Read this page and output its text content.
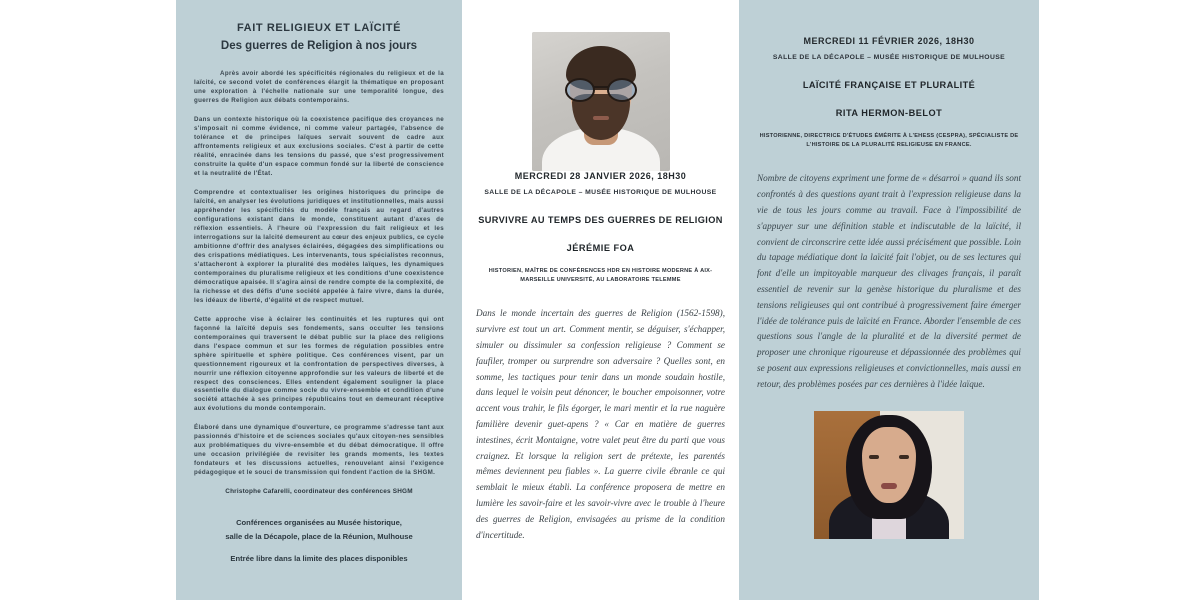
FAIT RELIGIEUX ET LAÏCITÉ
Des guerres de Religion à nos jours

Après avoir abordé les spécificités régionales du religieux et de la laïcité, ce second volet de conférences élargit la thématique en proposant une exploration à l'échelle nationale sur une temporalité longue, des guerres de Religion aux débats contemporains.

Dans un contexte historique où la coexistence pacifique des croyances ne s'imposait ni comme évidence, ni comme valeur partagée, l'absence de tolérance et de principes laïques servait souvent de cadre aux affrontements religieux et aux exclusions sociales. C'est à partir de cette réalité, enracinée dans les tensions du passé, que s'est progressivement construite la quête d'un espace commun fondé sur la liberté de conscience et la neutralité de l'État.

Comprendre et contextualiser les origines historiques du principe de laïcité, en analyser les évolutions juridiques et institutionnelles, mais aussi appréhender les spécificités du modèle français au regard d'autres configurations existant dans le monde, constituent autant d'axes de réflexion essentiels. À l'heure où l'expression du fait religieux et les interrogations sur la laïcité demeurent au cœur des enjeux publics, ce cycle ambitionne d'offrir des analyses éclairées, dégagées des simplifications ou des crispations médiatiques. Les intervenants, tous spécialistes reconnus, s'attacheront à explorer la pluralité des modèles laïques, les dynamiques contemporaines du pluralisme religieux et les conditions d'une coexistence démocratique apaisée. Il s'agira ainsi de rendre compte de la complexité, de la richesse et des défis d'une société appelée à faire vivre, dans la durée, les idéaux de liberté, d'égalité et de respect mutuel.

Cette approche vise à éclairer les continuités et les ruptures qui ont façonné la laïcité depuis ses fondements, sans occulter les tensions contemporaines qui traversent le débat public sur la place des religions dans l'espace commun et sur les formes de régulation possibles entre sphère spirituelle et sphère politique. Ces conférences visent, par un questionnement rigoureux et la confrontation de perspectives diverses, à nourrir une réflexion citoyenne approfondie sur les valeurs de liberté et de respect des consciences. Elles entendent également souligner la place essentielle du dialogue comme socle du vivre-ensemble et condition d'une société attachée à ses principes républicains tout en demeurant réceptive aux évolutions du monde contemporain.

Élaboré dans une dynamique d'ouverture, ce programme s'adresse tant aux passionnés d'histoire et de sciences sociales qu'aux citoyen-nes sensibles aux problématiques du vivre-ensemble et du débat démocratique. Il offre une occasion privilégiée de revisiter les grands moments, les textes fondateurs et les discussions actuelles, renouvelant ainsi l'exigence pédagogique et le souci de transmission qui fondent l'action de la SHGM.

Christophe Cafarelli, coordinateur des conférences SHGM

Conférences organisées au Musée historique,

salle de la Décapole, place de la Réunion, Mulhouse

Entrée libre dans la limite des places disponibles

MERCREDI 28 JANVIER 2026, 18H30

SALLE DE LA DÉCAPOLE – MUSÉE HISTORIQUE DE MULHOUSE

SURVIVRE AU TEMPS DES GUERRES DE RELIGION

JÉRÉMIE FOA

HISTORIEN, MAÎTRE DE CONFÉRENCES HDR EN HISTOIRE MODERNE À AIX-MARSEILLE UNIVERSITÉ, AU LABORATOIRE TELEMME

Dans le monde incertain des guerres de Religion (1562-1598), survivre est tout un art. Comment mentir, se déguiser, s'échapper, simuler ou dissimuler sa confession religieuse ? Comment se faufiler, tromper ou surprendre son adversaire ? Quelles sont, en somme, les tactiques pour tenir dans un monde soudain hostile, dans lequel le voisin peut dénoncer, le boucher empoisonner, votre accent vous trahir, le fils égorger, le mari mentir et la rue naguère familière devenir guet-apens ? « Car en matière de guerres intestines, écrit Montaigne, votre valet peut être du parti que vous craignez. Et lorsque la religion sert de prétexte, les parentés mêmes deviennent peu fiables ». La guerre civile ébranle ce qui semblait le mieux établi. La conférence proposera de mettre en lumière les savoir-faire et les savoir-vivre avec le trouble à l'heure des guerres de Religion, envisagées au prisme de la condition d'incertitude.

MERCREDI 11 FÉVRIER 2026, 18H30

SALLE DE LA DÉCAPOLE – MUSÉE HISTORIQUE DE MULHOUSE

LAÏCITÉ FRANÇAISE ET PLURALITÉ

RITA HERMON-BELOT

HISTORIENNE, DIRECTRICE D'ÉTUDES ÉMÉRITE À L'EHESS (CESPRA), SPÉCIALISTE DE L'HISTOIRE DE LA PLURALITÉ RELIGIEUSE EN FRANCE.

Nombre de citoyens expriment une forme de « désarroi » quand ils sont confrontés à des questions ayant trait à l'expression religieuse dans la vie de tous les jours comme au travail. Face à l'impossibilité de s'appuyer sur une définition stable et indiscutable de la laïcité, il convient de circonscrire cette idée aussi précisément que possible. Loin du tapage médiatique dont la laïcité fait l'objet, ou de ses lectures qui font d'elle un impitoyable marqueur des clivages français, il paraît essentiel de revenir sur la genèse historique du pluralisme et des tensions religieuses qui ont contribué à progressivement faire émerger l'idée de tolérance puis de laïcité en France. Aborder l'ensemble de ces questions sous l'angle de la pluralité et de la diversité permet de proposer une chronique rigoureuse et dépassionnée des problèmes qui se posent aux expressions religieuses et convictionnelles, mais aussi en retour, des problèmes posées par ces dernières à l'idée laïque.
